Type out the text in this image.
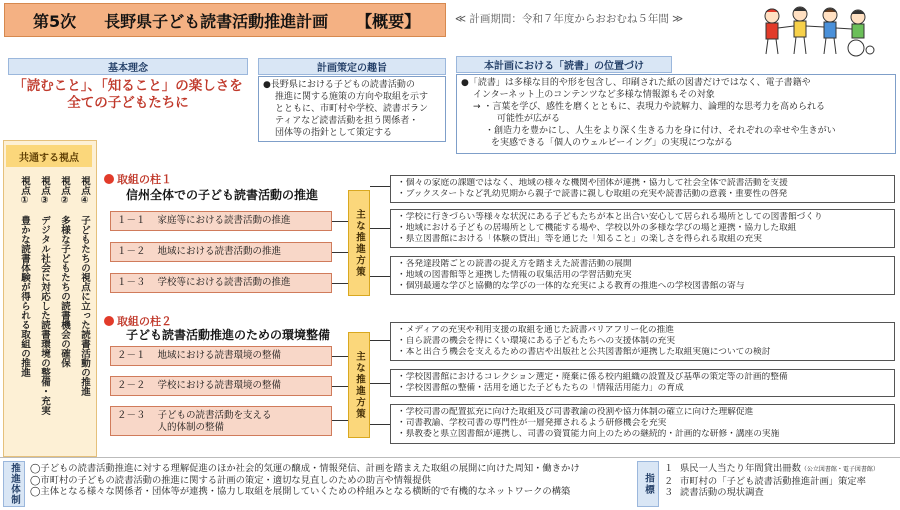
第5次 長野県子ども読書活動推進計画 【概要】	≪ 計画期間：令和７年度からおおむね５年間 ≫
基本理念
「読むこと」、「知ること」の楽しさを
全ての子どもたちに
計画策定の趣旨
●長野県における子どもの読書活動の
推進に関する施策の方向や取組を示す
とともに、市町村や学校、読書ボラン
ティアなど読書活動を担う関係者・
団体等の指針として策定する
本計画における「読書」の位置づけ
●「読書」は多様な目的や形を包含し、印刷された紙の図書だけではなく、電子書籍や
インターネット上のコンテンツなど多様な情報源もその対象
→ ・言葉を学び、感性を磨くとともに、表現力や読解力、論理的な思考力を高められる
可能性が広がる
・創造力を豊かにし、人生をより深く生きる力を身に付け、それぞれの幸せや生きがい
を実感できる「個人のウェルビーイング」の実現につながる
共通する視点
視点④　子どもたちの視点に立った読書活動の推進
視点②　多様な子どもたちの読書機会の確保
視点③　デジタル社会に対応した読書環境の整備・充実
視点①　豊かな読書体験が得られる取組の推進
取組の柱１
信州全体での子ども読書活動の推進
１－１ 家庭等における読書活動の推進
１－２ 地域における読書活動の推進
１－３ 学校等における読書活動の推進
主な推進方策
・個々の家庭の課題ではなく、地域の様々な機関や団体が連携・協力して社会全体で読書活動を支援
・ブックスタートなど乳幼児期から親子で読書に親しむ取組の充実や読書活動の意義・重要性の啓発
・学校に行きづらい等様々な状況にある子どもたちが本と出合い安心して居られる場所としての図書館づくり
・地域における子どもの居場所として機能する場や、学校以外の多様な学びの場と連携・協力した取組
・県立図書館における「体験の貸出」等を通じた「知ること」の楽しさを得られる取組の充実
・各発達段階ごとの読書の捉え方を踏まえた読書活動の展開
・地域の図書館等と連携した情報の収集活用の学習活動充実
・個別最適な学びと協働的な学びの一体的な充実による教育の推進への学校図書館の寄与
取組の柱２
子ども読書活動推進のための環境整備
２－１ 地域における読書環境の整備
２－２ 学校における読書環境の整備
２－３ 子どもの読書活動を支える
人的体制の整備
主な推進方策
・メディアの充実や利用支援の取組を通じた読書バリアフリー化の推進
・自ら読書の機会を得にくい環境にある子どもたちへの支援体制の充実
・本と出合う機会を支えるための書店や出版社と公共図書館が連携した取組実施についての検討
・学校図書館におけるコレクション選定・廃棄に係る校内組織の設置及び基準の策定等の計画的整備
・学校図書館の整備・活用を通じた子どもたちの「情報活用能力」の育成
・学校司書の配置拡充に向けた取組及び司書教諭の役割や協力体制の確立に向けた理解促進
・司書教諭、学校司書の専門性が一層発揮されるよう研修機会を充実
・県教委と県立図書館が連携し、司書の資質能力向上のための継続的・計画的な研修・講座の実施
推進体制	◯子どもの読書活動推進に対する理解促進のほか社会的気運の醸成・情報発信、計画を踏まえた取組の展開に向けた周知・働きかけ
◯市町村の子どもの読書活動の推進に関する計画の策定・適切な見直しのための助言や情報提供
◯主体となる様々な関係者・団体等が連携・協力し取組を展開していくための枠組みとなる横断的で有機的なネットワークの構築	指標
１ 県民一人当たり年間貸出冊数（公立図書館・電子図書館）
２ 市町村の「子ども読書活動推進計画」策定率
３ 読書活動の現状調査
